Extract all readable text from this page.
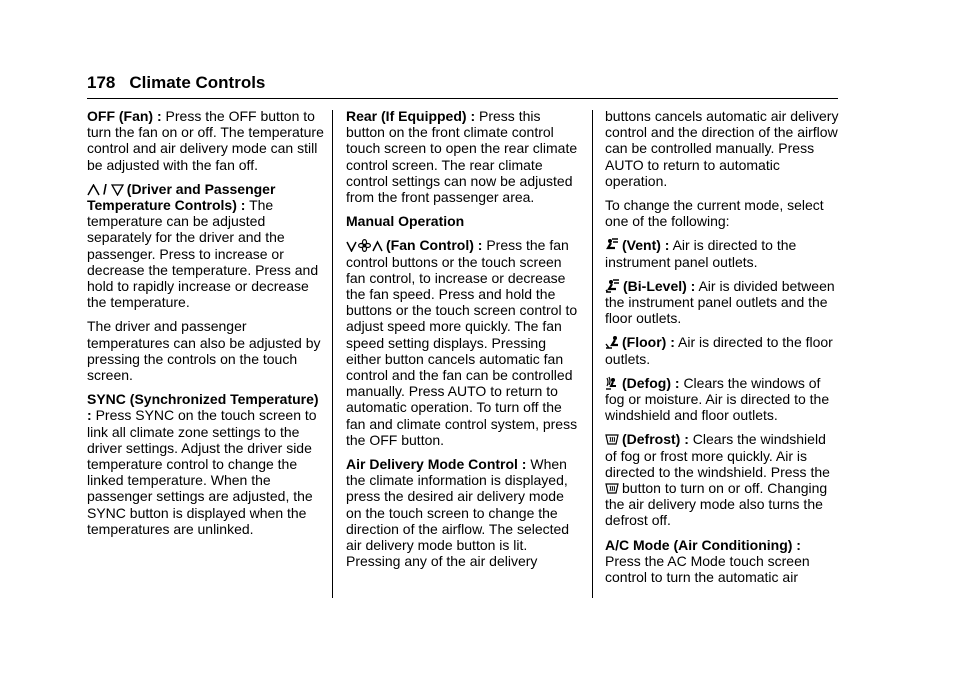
178 Climate Controls

OFF (Fan) : Press the OFF button to turn the fan on or off. The temperature control and air delivery mode can still be adjusted with the fan off.

/ (Driver and Passenger Temperature Controls) : The temperature can be adjusted separately for the driver and the passenger. Press to increase or decrease the temperature. Press and hold to rapidly increase or decrease the temperature.

The driver and passenger temperatures can also be adjusted by pressing the controls on the touch screen.

SYNC (Synchronized Temperature) : Press SYNC on the touch screen to link all climate zone settings to the driver settings. Adjust the driver side temperature control to change the linked temperature. When the passenger settings are adjusted, the SYNC button is displayed when the temperatures are unlinked.

Rear (If Equipped) : Press this button on the front climate control touch screen to open the rear climate control screen. The rear climate control settings can now be adjusted from the front passenger area.

Manual Operation

(Fan Control) : Press the fan control buttons or the touch screen fan control, to increase or decrease the fan speed. Press and hold the buttons or the touch screen control to adjust speed more quickly. The fan speed setting displays. Pressing either button cancels automatic fan control and the fan can be controlled manually. Press AUTO to return to automatic operation. To turn off the fan and climate control system, press the OFF button.

Air Delivery Mode Control : When the climate information is displayed, press the desired air delivery mode on the touch screen to change the direction of the airflow. The selected air delivery mode button is lit. Pressing any of the air delivery

buttons cancels automatic air delivery control and the direction of the airflow can be controlled manually. Press AUTO to return to automatic operation.

To change the current mode, select one of the following:

(Vent) : Air is directed to the instrument panel outlets.

(Bi-Level) : Air is divided between the instrument panel outlets and the floor outlets.

(Floor) : Air is directed to the floor outlets.

(Defog) : Clears the windows of fog or moisture. Air is directed to the windshield and floor outlets.

(Defrost) : Clears the windshield of fog or frost more quickly. Air is directed to the windshield. Press the
button to turn on or off. Changing the air delivery mode also turns the defrost off.

A/C Mode (Air Conditioning) : Press the AC Mode touch screen control to turn the automatic air
